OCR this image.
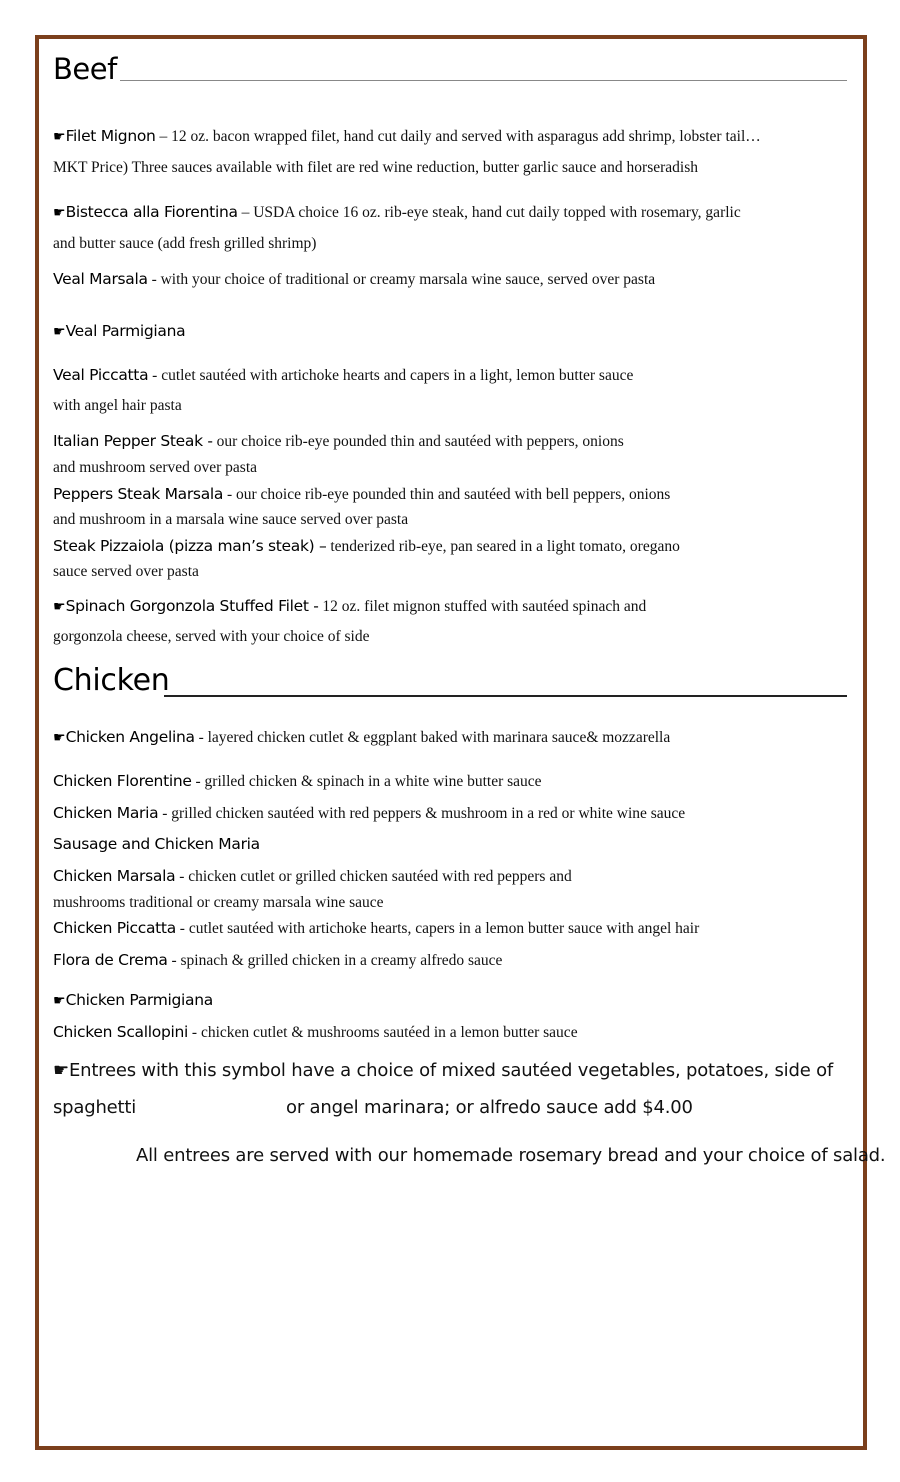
Beef
☛Filet Mignon – 12 oz. bacon wrapped filet, hand cut daily and served with asparagus add shrimp, lobster tail…
MKT Price) Three sauces available with filet are red wine reduction, butter garlic sauce and horseradish
☛Bistecca alla Fiorentina – USDA choice 16 oz. rib-eye steak, hand cut daily topped with rosemary, garlic
and butter sauce (add fresh grilled shrimp)
Veal Marsala - with your choice of traditional or creamy marsala wine sauce, served over pasta
☛Veal Parmigiana
Veal Piccatta - cutlet sautéed with artichoke hearts and capers in a light, lemon butter sauce
with angel hair pasta
Italian Pepper Steak - our choice rib-eye pounded thin and sautéed with peppers, onions
and mushroom served over pasta
Peppers Steak Marsala - our choice rib-eye pounded thin and sautéed with bell peppers, onions
and mushroom in a marsala wine sauce served over pasta
Steak Pizzaiola (pizza man’s steak) – tenderized rib-eye, pan seared in a light tomato, oregano
sauce served over pasta
☛Spinach Gorgonzola Stuffed Filet - 12 oz. filet mignon stuffed with sautéed spinach and
gorgonzola cheese, served with your choice of side
Chicken
☛Chicken Angelina - layered chicken cutlet & eggplant baked with marinara sauce& mozzarella
Chicken Florentine - grilled chicken & spinach in a white wine butter sauce
Chicken Maria - grilled chicken sautéed with red peppers & mushroom in a red or white wine sauce
Sausage and Chicken Maria
Chicken Marsala - chicken cutlet or grilled chicken sautéed with red peppers and
mushrooms traditional or creamy marsala wine sauce
Chicken Piccatta - cutlet sautéed with artichoke hearts, capers in a lemon butter sauce with angel hair
Flora de Crema - spinach & grilled chicken in a creamy alfredo sauce
☛Chicken Parmigiana
Chicken Scallopini - chicken cutlet & mushrooms sautéed in a lemon butter sauce
☛Entrees with this symbol have a choice of mixed sautéed vegetables, potatoes, side of
spaghetti	or angel marinara; or alfredo sauce add $4.00
All entrees are served with our homemade rosemary bread and your choice of salad.
